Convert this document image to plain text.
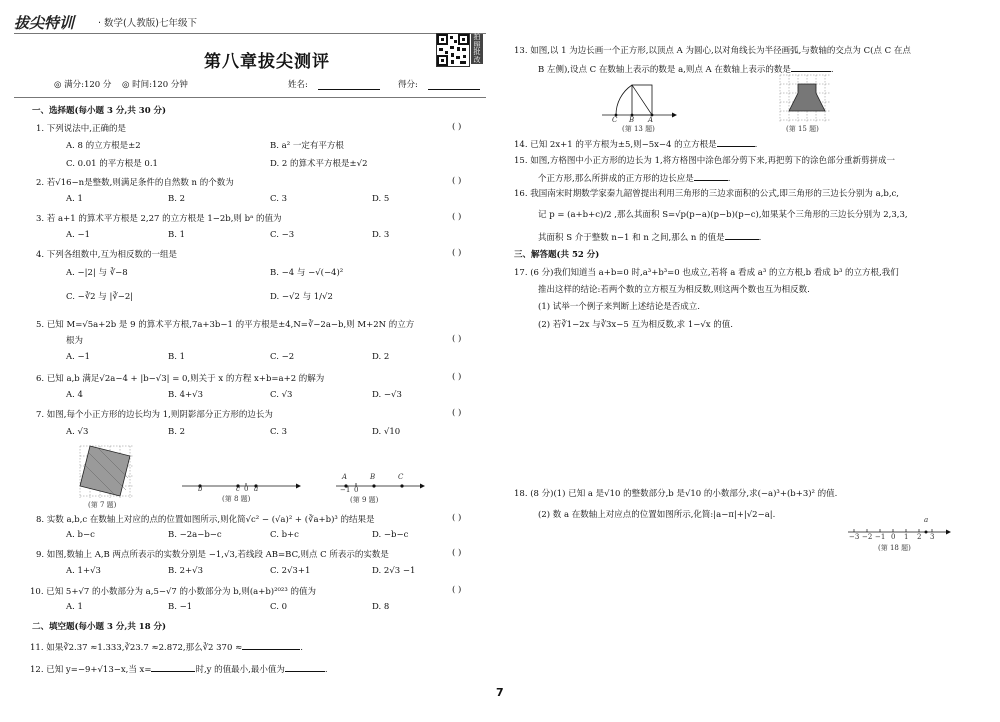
拔尖特训	· 数学(人教版)七年级下
拍照批改
第八章拔尖测评
◎ 满分:120 分 ◎ 时间:120 分钟	姓名:	得分:
一、选择题(每小题 3 分,共 30 分)
1. 下列说法中,正确的是	( )
A. 8 的立方根是±2	B. a² 一定有平方根
C. 0.01 的平方根是 0.1	D. 2 的算术平方根是±√2
2. 若√16−n是整数,则满足条件的自然数 n 的个数为	( )
A. 1	B. 2	C. 3	D. 5
3. 若 a+1 的算术平方根是 2,27 的立方根是 1−2b,则 bᵃ 的值为	( )
A. −1	B. 1	C. −3	D. 3
4. 下列各组数中,互为相反数的一组是	( )
A. −|2| 与 ∛−8	B. −4 与 −√(−4)²
C. −∛2 与 |∛−2|	D. −√2 与 1/√2
5. 已知 M=√5a+2b 是 9 的算术平方根,7a+3b−1 的平方根是±4,N=∛−2a−b,则 M+2N 的立方
根为	( )
A. −1	B. 1	C. −2	D. 2
6. 已知 a,b 满足√2a−4 + |b−√3| = 0,则关于 x 的方程 x+b=a+2 的解为	( )
A. 4	B. 4+√3	C. √3	D. −√3
7. 如图,每个小正方形的边长均为 1,则阴影部分正方形的边长为	( )
A. √3	B. 2	C. 3	D. √10
(第 7 题)
b	c 0 a
(第 8 题)
A	B	C
−1 0
(第 9 题)
8. 实数 a,b,c 在数轴上对应的点的位置如图所示,则化简√c² − (√a)² + (∛a+b)³ 的结果是	( )
A. b−c	B. −2a−b−c	C. b+c	D. −b−c
9. 如图,数轴上 A,B 两点所表示的实数分别是 −1,√3,若线段 AB=BC,则点 C 所表示的实数是	( )
A. 1+√3	B. 2+√3	C. 2√3+1	D. 2√3 −1
10. 已知 5+√7 的小数部分为 a,5−√7 的小数部分为 b,则(a+b)²⁰²³ 的值为	( )
A. 1	B. −1	C. 0	D. 8
二、填空题(每小题 3 分,共 18 分)
11. 如果∛2.37 ≈1.333,∛23.7 ≈2.872,那么∛2 370 ≈	.
12. 已知 y=−9+√13−x,当 x=	时,y 的值最小,最小值为	.
7
13. 如图,以 1 为边长画一个正方形,以顶点 A 为圆心,以对角线长为半径画弧,与数轴的交点为 C(点 C 在点
B 左侧),设点 C 在数轴上表示的数是 a,则点 A 在数轴上表示的数是	.
C B A
(第 13 题)	(第 15 题)
14. 已知 2x+1 的平方根为±5,则−5x−4 的立方根是	.
15. 如图,方格图中小正方形的边长为 1,将方格图中涂色部分剪下来,再把剪下的涂色部分重新剪拼成一
个正方形,那么所拼成的正方形的边长应是	.
16. 我国南宋时期数学家秦九韶曾提出利用三角形的三边求面积的公式,即三角形的三边长分别为 a,b,c,
记 p = (a+b+c)/2 ,那么其面积 S=√p(p−a)(p−b)(p−c),如果某个三角形的三边长分别为 2,3,3,
其面积 S 介于整数 n−1 和 n 之间,那么 n 的值是	.
三、解答题(共 52 分)
17. (6 分)我们知道当 a+b=0 时,a³+b³=0 也成立,若将 a 看成 a³ 的立方根,b 看成 b³ 的立方根,我们
推出这样的结论:若两个数的立方根互为相反数,则这两个数也互为相反数.
(1) 试举一个例子来判断上述结论是否成立.
(2) 若∛1−2x 与∛3x−5 互为相反数,求 1−√x 的值.
18. (8 分)(1) 已知 a 是√10 的整数部分,b 是√10 的小数部分,求(−a)³+(b+3)² 的值.
(2) 数 a 在数轴上对应点的位置如图所示,化简:|a−π|+|√2−a|.	a
−3 −2 −1 0 1 2 3
(第 18 题)
